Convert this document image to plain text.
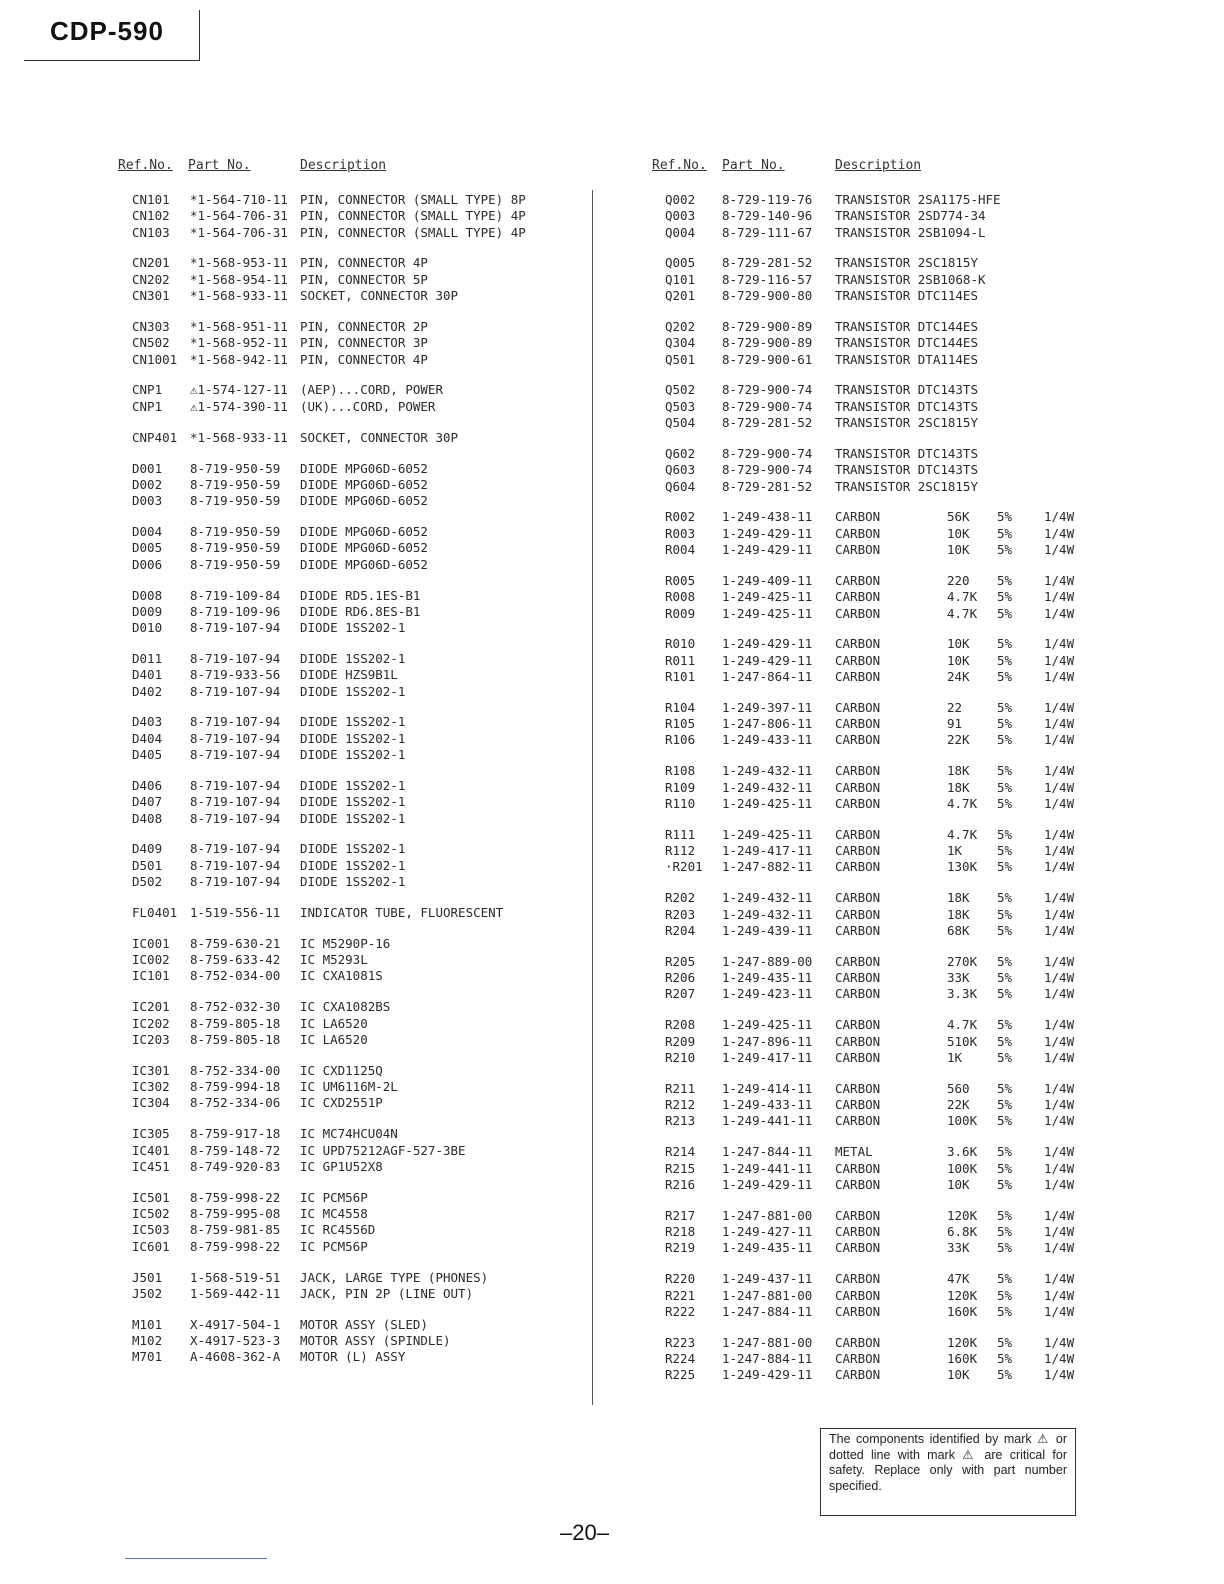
CDP-590
Ref.No. Part No.	Description
CN101 *1-564-710-11 PIN, CONNECTOR (SMALL TYPE) 8P
CN102 *1-564-706-31 PIN, CONNECTOR (SMALL TYPE) 4P
CN103 *1-564-706-31 PIN, CONNECTOR (SMALL TYPE) 4P
CN201 *1-568-953-11 PIN, CONNECTOR 4P
CN202 *1-568-954-11 PIN, CONNECTOR 5P
CN301 *1-568-933-11 SOCKET, CONNECTOR 30P
CN303 *1-568-951-11 PIN, CONNECTOR 2P
CN502 *1-568-952-11 PIN, CONNECTOR 3P
CN1001 *1-568-942-11 PIN, CONNECTOR 4P
CNP1 ⚠1-574-127-11 (AEP)...CORD, POWER
CNP1 ⚠1-574-390-11 (UK)...CORD, POWER
CNP401 *1-568-933-11 SOCKET, CONNECTOR 30P
D001 8-719-950-59 DIODE MPG06D-6052
D002 8-719-950-59 DIODE MPG06D-6052
D003 8-719-950-59 DIODE MPG06D-6052
D004 8-719-950-59 DIODE MPG06D-6052
D005 8-719-950-59 DIODE MPG06D-6052
D006 8-719-950-59 DIODE MPG06D-6052
D008 8-719-109-84 DIODE RD5.1ES-B1
D009 8-719-109-96 DIODE RD6.8ES-B1
D010 8-719-107-94 DIODE 1SS202-1
D011 8-719-107-94 DIODE 1SS202-1
D401 8-719-933-56 DIODE HZS9B1L
D402 8-719-107-94 DIODE 1SS202-1
D403 8-719-107-94 DIODE 1SS202-1
D404 8-719-107-94 DIODE 1SS202-1
D405 8-719-107-94 DIODE 1SS202-1
D406 8-719-107-94 DIODE 1SS202-1
D407 8-719-107-94 DIODE 1SS202-1
D408 8-719-107-94 DIODE 1SS202-1
D409 8-719-107-94 DIODE 1SS202-1
D501 8-719-107-94 DIODE 1SS202-1
D502 8-719-107-94 DIODE 1SS202-1
FL0401 1-519-556-11 INDICATOR TUBE, FLUORESCENT
IC001 8-759-630-21 IC M5290P-16
IC002 8-759-633-42 IC M5293L
IC101 8-752-034-00 IC CXA1081S
IC201 8-752-032-30 IC CXA1082BS
IC202 8-759-805-18 IC LA6520
IC203 8-759-805-18 IC LA6520
IC301 8-752-334-00 IC CXD1125Q
IC302 8-759-994-18 IC UM6116M-2L
IC304 8-752-334-06 IC CXD2551P
IC305 8-759-917-18 IC MC74HCU04N
IC401 8-759-148-72 IC UPD75212AGF-527-3BE
IC451 8-749-920-83 IC GP1U52X8
IC501 8-759-998-22 IC PCM56P
IC502 8-759-995-08 IC MC4558
IC503 8-759-981-85 IC RC4556D
IC601 8-759-998-22 IC PCM56P
J501 1-568-519-51 JACK, LARGE TYPE (PHONES)
J502 1-569-442-11 JACK, PIN 2P (LINE OUT)
M101 X-4917-504-1 MOTOR ASSY (SLED)
M102 X-4917-523-3 MOTOR ASSY (SPINDLE)
M701 A-4608-362-A MOTOR (L) ASSY
Ref.No. Part No.	Description
Q002 8-729-119-76 TRANSISTOR 2SA1175-HFE
Q003 8-729-140-96 TRANSISTOR 2SD774-34
Q004 8-729-111-67 TRANSISTOR 2SB1094-L
Q005 8-729-281-52 TRANSISTOR 2SC1815Y
Q101 8-729-116-57 TRANSISTOR 2SB1068-K
Q201 8-729-900-80 TRANSISTOR DTC114ES
Q202 8-729-900-89 TRANSISTOR DTC144ES
Q304 8-729-900-89 TRANSISTOR DTC144ES
Q501 8-729-900-61 TRANSISTOR DTA114ES
Q502 8-729-900-74 TRANSISTOR DTC143TS
Q503 8-729-900-74 TRANSISTOR DTC143TS
Q504 8-729-281-52 TRANSISTOR 2SC1815Y
Q602 8-729-900-74 TRANSISTOR DTC143TS
Q603 8-729-900-74 TRANSISTOR DTC143TS
Q604 8-729-281-52 TRANSISTOR 2SC1815Y
R002 1-249-438-11 CARBON	56K 5%	1/4W
R003 1-249-429-11 CARBON	10K 5%	1/4W
R004 1-249-429-11 CARBON	10K 5%	1/4W
R005 1-249-409-11 CARBON	220 5%	1/4W
R008 1-249-425-11 CARBON	4.7K 5%	1/4W
R009 1-249-425-11 CARBON	4.7K 5%	1/4W
R010 1-249-429-11 CARBON	10K 5%	1/4W
R011 1-249-429-11 CARBON	10K 5%	1/4W
R101 1-247-864-11 CARBON	24K 5%	1/4W
R104 1-249-397-11 CARBON	22	5%	1/4W
R105 1-247-806-11 CARBON	91	5%	1/4W
R106 1-249-433-11 CARBON	22K 5%	1/4W
R108 1-249-432-11 CARBON	18K 5%	1/4W
R109 1-249-432-11 CARBON	18K 5%	1/4W
R110 1-249-425-11 CARBON	4.7K 5%	1/4W
R111 1-249-425-11 CARBON	4.7K 5%	1/4W
R112 1-249-417-11 CARBON	1K	5%	1/4W
·R201 1-247-882-11 CARBON	130K 5%	1/4W
R202 1-249-432-11 CARBON	18K 5%	1/4W
R203 1-249-432-11 CARBON	18K 5%	1/4W
R204 1-249-439-11 CARBON	68K 5%	1/4W
R205 1-247-889-00 CARBON	270K 5%	1/4W
R206 1-249-435-11 CARBON	33K 5%	1/4W
R207 1-249-423-11 CARBON	3.3K 5%	1/4W
R208 1-249-425-11 CARBON	4.7K 5%	1/4W
R209 1-247-896-11 CARBON	510K 5%	1/4W
R210 1-249-417-11 CARBON	1K	5%	1/4W
R211 1-249-414-11 CARBON	560 5%	1/4W
R212 1-249-433-11 CARBON	22K 5%	1/4W
R213 1-249-441-11 CARBON	100K 5%	1/4W
R214 1-247-844-11 METAL	3.6K 5%	1/4W
R215 1-249-441-11 CARBON	100K 5%	1/4W
R216 1-249-429-11 CARBON	10K 5%	1/4W
R217 1-247-881-00 CARBON	120K 5%	1/4W
R218 1-249-427-11 CARBON	6.8K 5%	1/4W
R219 1-249-435-11 CARBON	33K 5%	1/4W
R220 1-249-437-11 CARBON	47K 5%	1/4W
R221 1-247-881-00 CARBON	120K 5%	1/4W
R222 1-247-884-11 CARBON	160K 5%	1/4W
R223 1-247-881-00 CARBON	120K 5%	1/4W
R224 1-247-884-11 CARBON	160K 5%	1/4W
R225 1-249-429-11 CARBON	10K 5%	1/4W
The components identified by mark ⚠ or dotted line with mark ⚠ are critical for safety. Replace only with part number specified.
–20–
